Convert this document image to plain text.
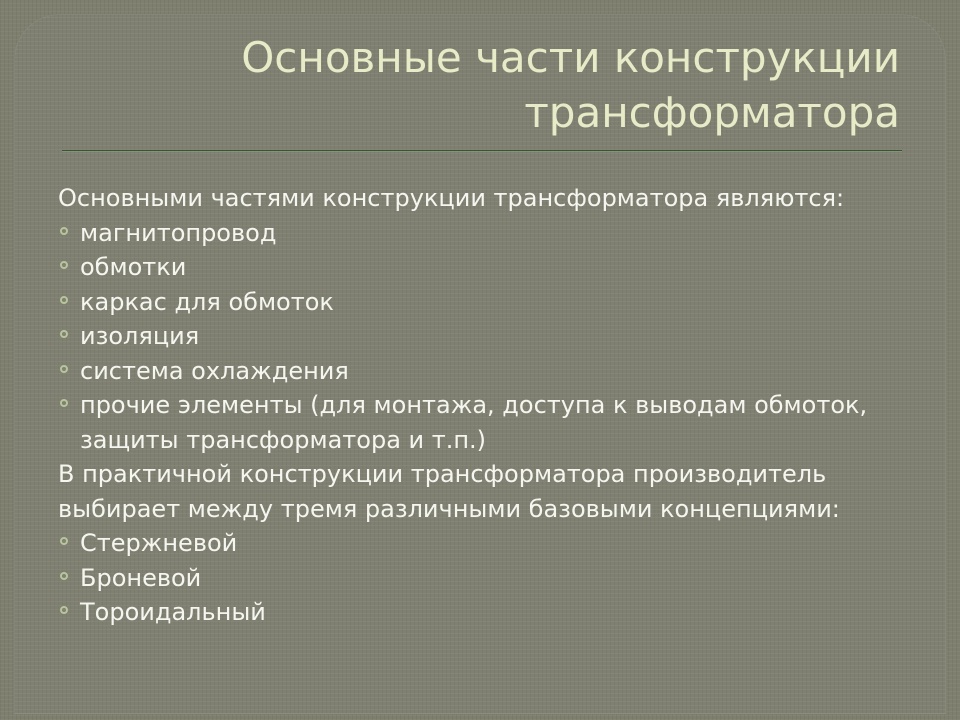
Основные части конструкции
трансформатора

Основными частями конструкции трансформатора являются:

магнитопровод
обмотки
каркас для обмоток
изоляция
система охлаждения
прочие элементы (для монтажа, доступа к выводам обмоток, защиты трансформатора и т.п.)

В практичной конструкции трансформатора производитель выбирает между тремя различными базовыми концепциями:

Стержневой
Броневой
Тороидальный
